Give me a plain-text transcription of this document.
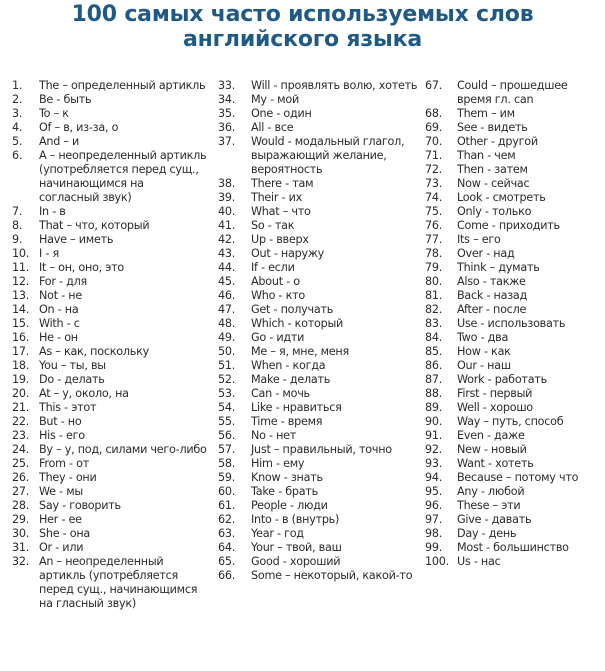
100 самых часто используемых слов
английского языка
1.	The – определенный артикль
2.	Be - быть
3.	To – к
4.	Of – в, из-за, о
5.	And – и
6.	A – неопределенный артикль (употребляется перед сущ., начинающимся на согласный звук)
7.	In - в
8.	That – что, который
9.	Have – иметь
10. I - я
11. It – он, оно, это
12. For - для
13. Not - не
14. On - на
15. With - с
16. He - он
17. As – как, поскольку
18. You – ты, вы
19. Do - делать
20. At – у, около, на
21. This - этот
22. But - но
23. His - его
24. By – у, под, силами чего-либо
25. From - от
26. They - они
27. We - мы
28. Say - говорить
29. Her - ее
30. She - она
31. Or - или
32. An – неопределенный артикль (употребляется перед сущ., начинающимся на гласный звук)
33.	Will - проявлять волю, хотеть
34.	My - мой
35.	One - один
36.	All - все
37.	Would - модальный глагол, выражающий желание, вероятность
38.	There - там
39.	Their - их
40.	What – что
41.	So - так
42.	Up - вверх
43.	Out - наружу
44.	If - если
45.	About - о
46.	Who - кто
47.	Get - получать
48.	Which - который
49.	Go - идти
50.	Me – я, мне, меня
51.	When - когда
52.	Make - делать
53.	Can - мочь
54.	Like - нравиться
55.	Time - время
56.	No - нет
57.	Just – правильный, точно
58.	Him - ему
59.	Know - знать
60.	Take - брать
61.	People - люди
62.	Into - в (внутрь)
63.	Year - год
64.	Your – твой, ваш
65.	Good - хороший
66.	Some – некоторый, какой-то
67.	Could – прошедшее время гл. can
68.	Them – им
69.	See - видеть
70.	Other - другой
71.	Than - чем
72.	Then - затем
73.	Now - сейчас
74.	Look - смотреть
75.	Only - только
76.	Come - приходить
77.	Its – его
78.	Over - над
79.	Think – думать
80.	Also - также
81.	Back - назад
82.	After - после
83.	Use - использовать
84.	Two - два
85.	How - как
86.	Our - наш
87.	Work - работать
88.	First - первый
89.	Well - хорошо
90.	Way – путь, способ
91.	Even - даже
92.	New - новый
93.	Want - хотеть
94.	Because – потому что
95.	Any - любой
96.	These – эти
97.	Give - давать
98.	Day - день
99.	Most - большинство
100. Us - нас
